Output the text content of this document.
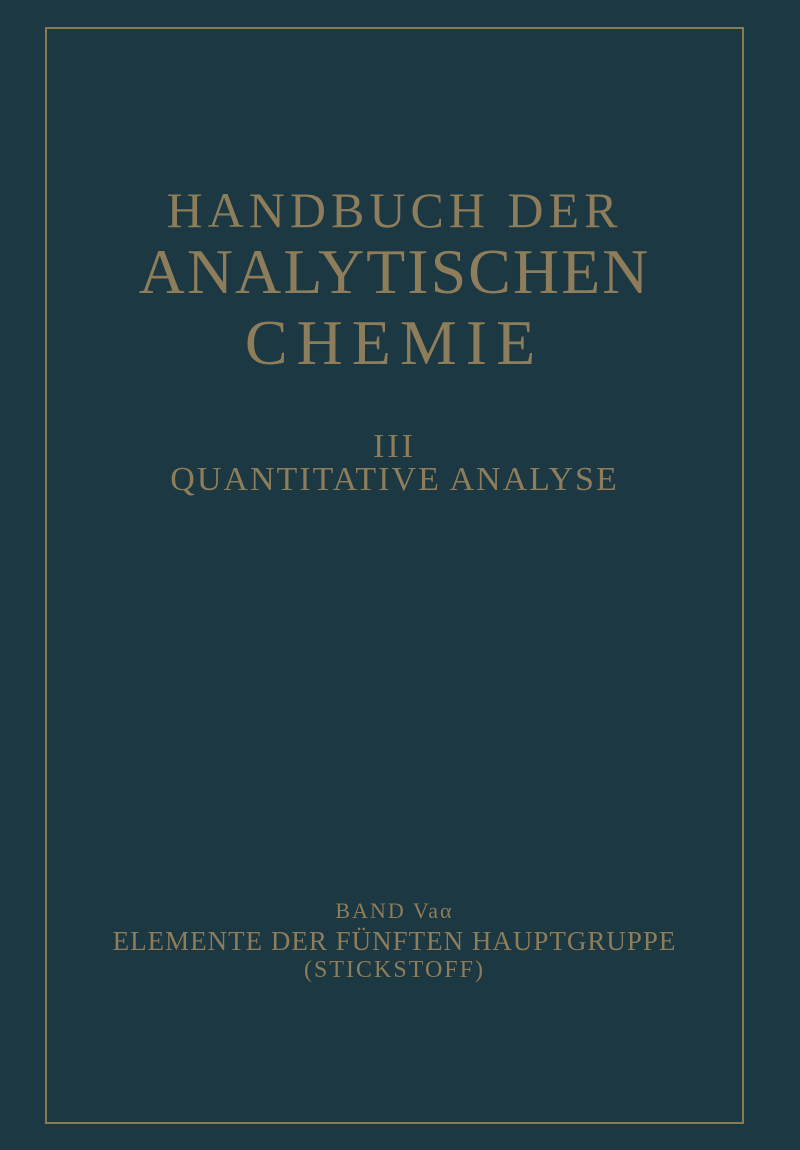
HANDBUCH DER
ANALYTISCHEN
CHEMIE
III
QUANTITATIVE ANALYSE
BAND Vaα
ELEMENTE DER FÜNFTEN HAUPTGRUPPE
(STICKSTOFF)
